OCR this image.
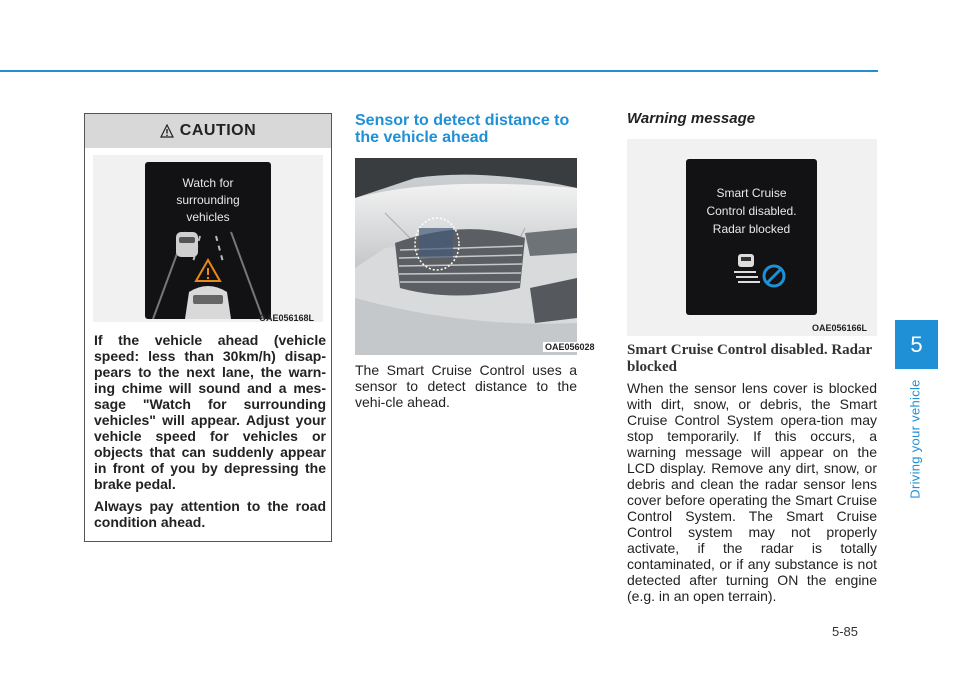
5
Driving your vehicle
CAUTION
Watch for
surrounding
vehicles
OAE056168L

If the vehicle ahead (vehicle speed: less than 30km/h) disap-pears to the next lane, the warn-ing chime will sound and a mes-sage "Watch for surrounding vehicles" will appear. Adjust your vehicle speed for vehicles or objects that can suddenly appear in front of you by depressing the brake pedal.

Always pay attention to the road condition ahead.

Sensor to detect distance to the vehicle ahead
OAE056028
The Smart Cruise Control uses a sensor to detect distance to the vehi-cle ahead.
Warning message
Smart Cruise
Control disabled.
Radar blocked
OAE056166L
Smart Cruise Control disabled. Radar blocked
When the sensor lens cover is blocked with dirt, snow, or debris, the Smart Cruise Control System opera-tion may stop temporarily. If this occurs, a warning message will appear on the LCD display. Remove any dirt, snow, or debris and clean the radar sensor lens cover before operating the Smart Cruise Control System. The Smart Cruise Control system may not properly activate, if the radar is totally contaminated, or if any substance is not detected after turning ON the engine (e.g. in an open terrain).
5-85
